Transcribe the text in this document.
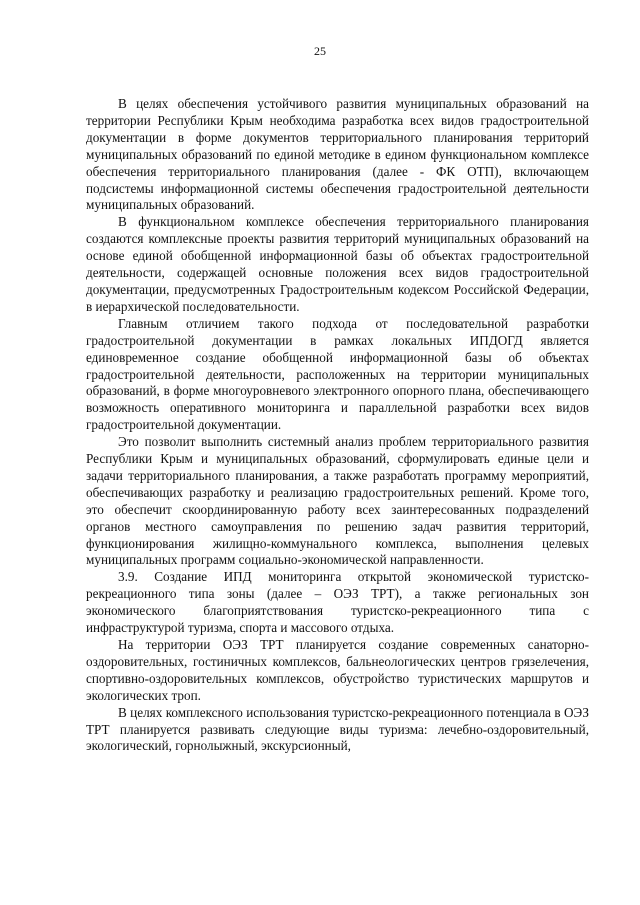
25

В целях обеспечения устойчивого развития муниципальных образований на территории Республики Крым необходима разработка всех видов градостроительной документации в форме документов территориального планирования территорий муниципальных образований по единой методике в едином функциональном комплексе обеспечения территориального планирования (далее - ФК ОТП), включающем подсистемы информационной системы обеспечения градостроительной деятельности муниципальных образований.

В функциональном комплексе обеспечения территориального планирования создаются комплексные проекты развития территорий муниципальных образований на основе единой обобщенной информационной базы об объектах градостроительной деятельности, содержащей основные положения всех видов градостроительной документации, предусмотренных Градостроительным кодексом Российской Федерации, в иерархической последовательности.

Главным отличием такого подхода от последовательной разработки градостроительной документации в рамках локальных ИПДОГД является единовременное создание обобщенной информационной базы об объектах градостроительной деятельности, расположенных на территории муниципальных образований, в форме многоуровневого электронного опорного плана, обеспечивающего возможность оперативного мониторинга и параллельной разработки всех видов градостроительной документации.

Это позволит выполнить системный анализ проблем территориального развития Республики Крым и муниципальных образований, сформулировать единые цели и задачи территориального планирования, а также разработать программу мероприятий, обеспечивающих разработку и реализацию градостроительных решений. Кроме того, это обеспечит скоординированную работу всех заинтересованных подразделений органов местного самоуправления по решению задач развития территорий, функционирования жилищно-коммунального комплекса, выполнения целевых муниципальных программ социально-экономической направленности.

3.9. Создание ИПД мониторинга открытой экономической туристско-рекреационного типа зоны (далее – ОЭЗ ТРТ), а также региональных зон экономического благоприятствования туристско-рекреационного типа с инфраструктурой туризма, спорта и массового отдыха.

На территории ОЭЗ ТРТ планируется создание современных санаторно-оздоровительных, гостиничных комплексов, бальнеологических центров грязелечения, спортивно-оздоровительных комплексов, обустройство туристических маршрутов и экологических троп.

В целях комплексного использования туристско-рекреационного потенциала в ОЭЗ ТРТ планируется развивать следующие виды туризма: лечебно-оздоровительный, экологический, горнолыжный, экскурсионный,
